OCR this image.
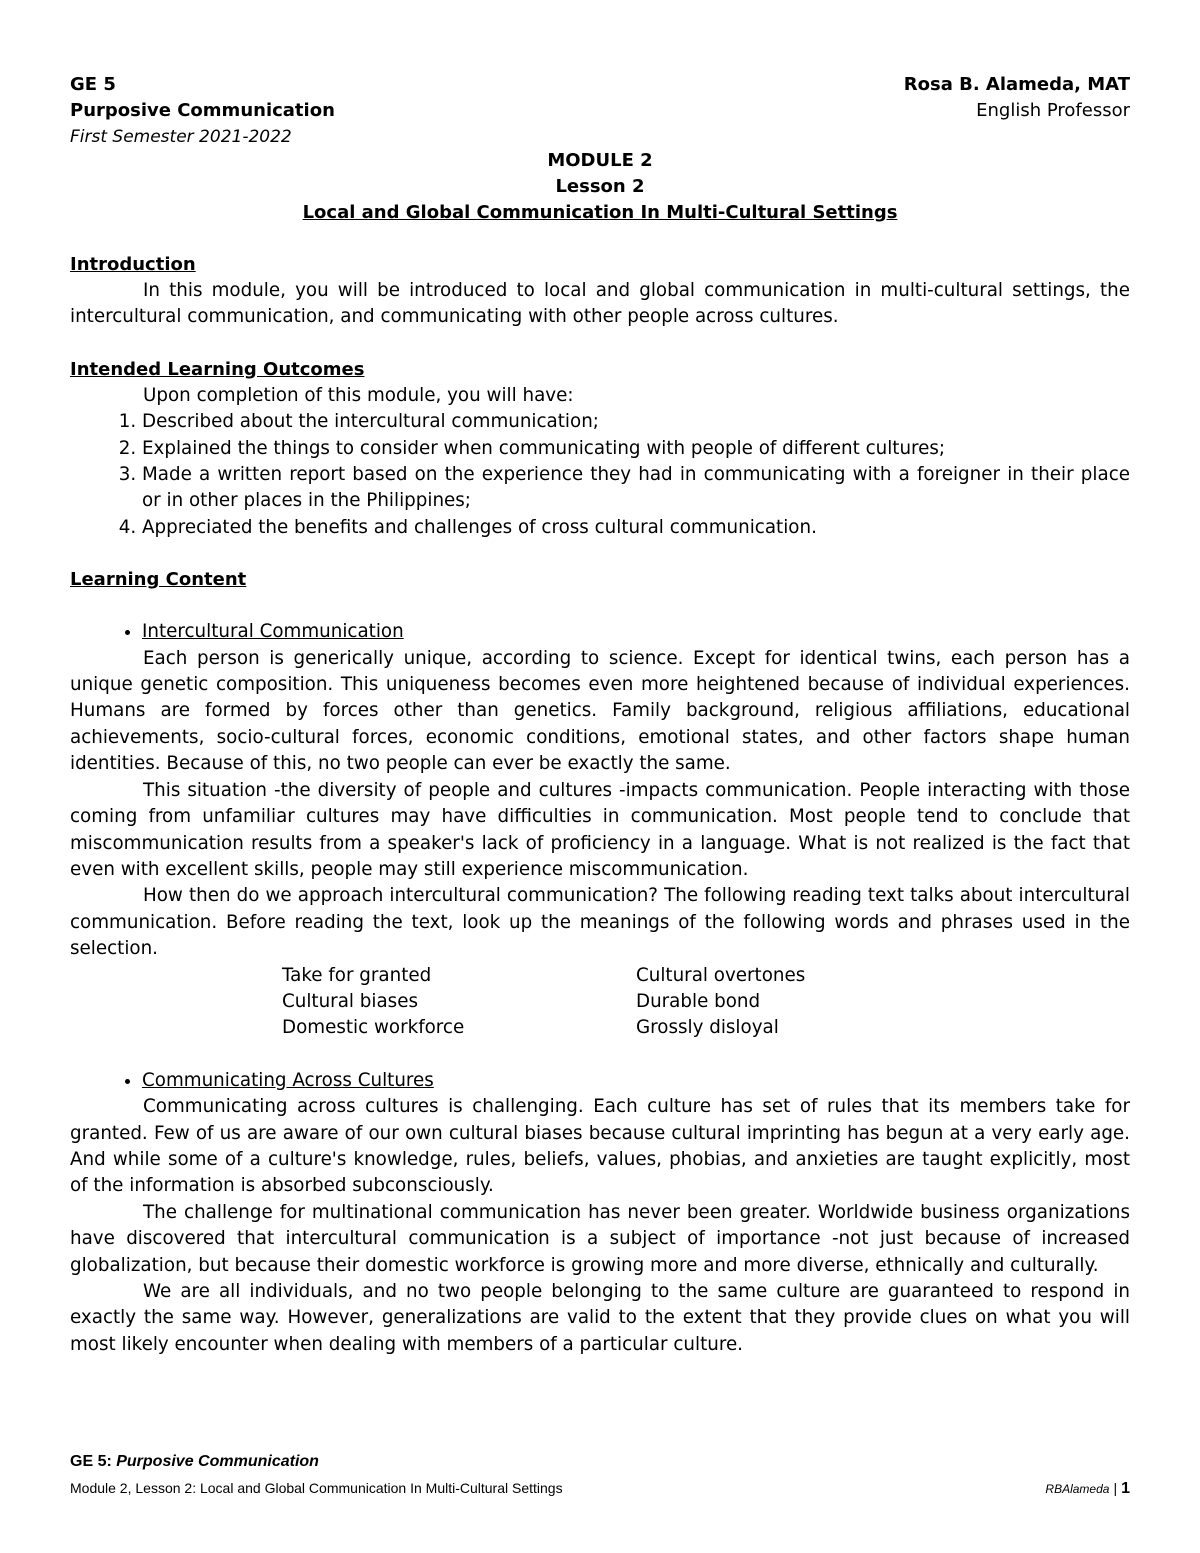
GE 5
Purposive Communication
First Semester 2021-2022
Rosa B. Alameda, MAT
English Professor
MODULE 2
Lesson 2
Local and Global Communication In Multi-Cultural Settings
Introduction

In this module, you will be introduced to local and global communication in multi-cultural settings, the intercultural communication, and communicating with other people across cultures.

Intended Learning Outcomes

Upon completion of this module, you will have:

1. Described about the intercultural communication;
2. Explained the things to consider when communicating with people of different cultures;
3. Made a written report based on the experience they had in communicating with a foreigner in their place or in other places in the Philippines;
4. Appreciated the benefits and challenges of cross cultural communication.
Learning Content
• Intercultural Communication

Each person is generically unique, according to science. Except for identical twins, each person has a unique genetic composition. This uniqueness becomes even more heightened because of individual experiences. Humans are formed by forces other than genetics. Family background, religious affiliations, educational achievements, socio-cultural forces, economic conditions, emotional states, and other factors shape human identities. Because of this, no two people can ever be exactly the same.

This situation -the diversity of people and cultures -impacts communication. People interacting with those coming from unfamiliar cultures may have difficulties in communication. Most people tend to conclude that miscommunication results from a speaker's lack of proficiency in a language. What is not realized is the fact that even with excellent skills, people may still experience miscommunication.

How then do we approach intercultural communication? The following reading text talks about intercultural communication. Before reading the text, look up the meanings of the following words and phrases used in the selection.

Take for granted	Cultural overtones
Cultural biases	Durable bond
Domestic workforce	Grossly disloyal
• Communicating Across Cultures

Communicating across cultures is challenging. Each culture has set of rules that its members take for granted. Few of us are aware of our own cultural biases because cultural imprinting has begun at a very early age. And while some of a culture's knowledge, rules, beliefs, values, phobias, and anxieties are taught explicitly, most of the information is absorbed subconsciously.

The challenge for multinational communication has never been greater. Worldwide business organizations have discovered that intercultural communication is a subject of importance -not just because of increased globalization, but because their domestic workforce is growing more and more diverse, ethnically and culturally.

We are all individuals, and no two people belonging to the same culture are guaranteed to respond in exactly the same way. However, generalizations are valid to the extent that they provide clues on what you will most likely encounter when dealing with members of a particular culture.

GE 5: Purposive Communication
Module 2, Lesson 2: Local and Global Communication In Multi-Cultural Settings	RBAlameda | 1
